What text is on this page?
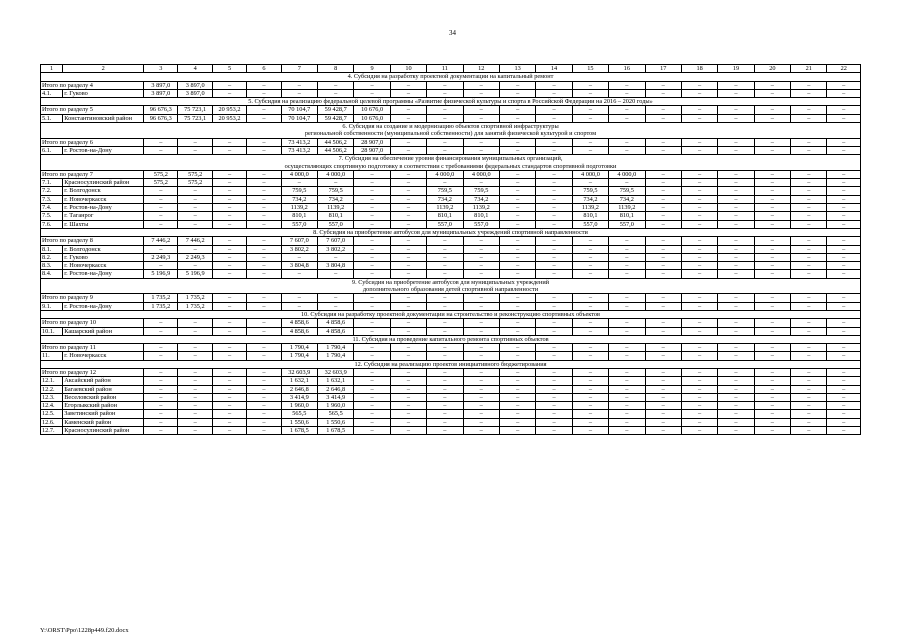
34
1	2	3	4	5	6	7	8	9	10	11	12	13	14	15	16	17	18	19	20	21	22
4. Субсидия на разработку проектной документации на капитальный ремонт																					
Итого по разделу 4		3 897,0	3 897,0	–	–	–	–	–	–	–	–	–	–	–	–	–	–	–	–	–	–
4.1.	г. Гуково	3 897,0	3 897,0	–	–	–	–	–	–	–	–	–	–	–	–	–	–	–	–	–	–
5. Субсидия на реализацию федеральной целевой программы «Развитие физической культуры и спорта в Российской Федерации на 2016 – 2020 годы»																					
Итого по разделу 5		96 676,3	75 723,1	20 953,2	–	70 104,7	59 428,7	10 676,0	–	–	–	–	–	–	–	–	–	–	–	–	–
5.1.	Константиновский район	96 676,3	75 723,1	20 953,2	–	70 104,7	59 428,7	10 676,0	–	–	–	–	–	–	–	–	–	–	–	–	–

6. Субсидия на создание и модернизацию объектов спортивной инфраструктуры
региональной собственности (муниципальной собственности) для занятий физической культурой и спортом																					

Итого по разделу 6		–	–	–	–	73 413,2	44 506,2	28 907,0	–	–	–	–	–	–	–	–	–	–	–	–	–
6.1.	г. Ростов-на-Дону	–	–	–	–	73 413,2	44 506,2	28 907,0	–	–	–	–	–	–	–	–	–	–	–	–	–

7. Субсидия на обеспечение уровня финансирования муниципальных организаций,
осуществляющих спортивную подготовку в соответствии с требованиями федеральных стандартов спортивной подготовки																					

Итого по разделу 7		575,2	575,2	–	–	4 000,0	4 000,0	–	–	4 000,0	4 000,0	–	–	4 000,0	4 000,0	–	–	–	–	–	–
7.1.	Красносулинский район	575,2	575,2	–	–	–	–	–	–	–	–	–	–	–	–	–	–	–	–	–	–
7.2.	г. Волгодонск	–	–	–	–	759,5	759,5	–	–	759,5	759,5	–	–	759,5	759,5	–	–	–	–	–	–
7.3.	г. Новочеркасск	–	–	–	–	734,2	734,2	–	–	734,2	734,2	–	–	734,2	734,2	–	–	–	–	–	–
7.4.	г. Ростов-на-Дону	–	–	–	–	1139,2	1139,2	–	–	1139,2	1139,2	–	–	1139,2	1139,2	–	–	–	–	–	–
7.5.	г. Таганрог	–	–	–	–	810,1	810,1	–	–	810,1	810,1	–	–	810,1	810,1	–	–	–	–	–	–
7.6.	г. Шахты	–	–	–	–	557,0	557,0	–	–	557,0	557,0	–	–	557,0	557,0	–	–	–	–	–	–
8. Субсидия на приобретение автобусов для муниципальных учреждений спортивной направленности																					
Итого по разделу 8		7 446,2	7 446,2	–	–	7 607,0	7 607,0	–	–	–	–	–	–	–	–	–	–	–	–	–	–
8.1.	г. Волгодонск	–	–	–	–	3 802,2	3 802,2	–	–	–	–	–	–	–	–	–	–	–	–	–	–
8.2.	г. Гуково	2 249,3	2 249,3	–	–	–	–	–	–	–	–	–	–	–	–	–	–	–	–	–	–
8.3.	г. Новочеркасск	–	–	–	–	3 804,8	3 804,8	–	–	–	–	–	–	–	–	–	–	–	–	–	–
8.4.	г. Ростов-на-Дону	5 196,9	5 196,9	–	–	–	–	–	–	–	–	–	–	–	–	–	–	–	–	–	–

9. Субсидия на приобретение автобусов для муниципальных учреждений
дополнительного образования детей спортивной направленности																					

Итого по разделу 9		1 735,2	1 735,2	–	–	–	–	–	–	–	–	–	–	–	–	–	–	–	–	–	–
9.1.	г. Ростов-на-Дону	1 735,2	1 735,2	–	–	–	–	–	–	–	–	–	–	–	–	–	–	–	–	–	–
10. Субсидия на разработку проектной документации на строительство и реконструкцию спортивных объектов																					
Итого по разделу 10		–	–	–	–	4 858,6	4 858,6	–	–	–	–	–	–	–	–	–	–	–	–	–	–
10.1.	Кашарский район	–	–	–	–	4 858,6	4 858,6	–	–	–	–	–	–	–	–	–	–	–	–	–	–
11. Субсидия на проведение капитального ремонта спортивных объектов																					
Итого по разделу 11		–	–	–	–	1 790,4	1 790,4	–	–	–	–	–	–	–	–	–	–	–	–	–	–
11.	г. Новочеркасск	–	–	–	–	1 790,4	1 790,4	–	–	–	–	–	–	–	–	–	–	–	–	–	–
12. Субсидия на реализацию проектов инициативного бюджетирования																					
Итого по разделу 12		–	–	–	–	32 603,9	32 603,9	–	–	–	–	–	–	–	–	–	–	–	–	–	–
12.1.	Аксайский район	–	–	–	–	1 632,1	1 632,1	–	–	–	–	–	–	–	–	–	–	–	–	–	–
12.2.	Багаевский район	–	–	–	–	2 646,8	2 646,8	–	–	–	–	–	–	–	–	–	–	–	–	–	–
12.3.	Веселовский район	–	–	–	–	3 414,9	3 414,9	–	–	–	–	–	–	–	–	–	–	–	–	–	–
12.4.	Егорлыкский район	–	–	–	–	1 960,0	1 960,0	–	–	–	–	–	–	–	–	–	–	–	–	–	–
12.5.	Заветинский район	–	–	–	–	565,5	565,5	–	–	–	–	–	–	–	–	–	–	–	–	–	–
12.6.	Каменский район	–	–	–	–	1 550,6	1 550,6	–	–	–	–	–	–	–	–	–	–	–	–	–	–
12.7.	Красносулинский район	–	–	–	–	1 678,5	1 678,5	–	–	–	–	–	–	–	–	–	–	–	–	–	–
Y:\ORST\Ppo\1228p449.f20.docx
